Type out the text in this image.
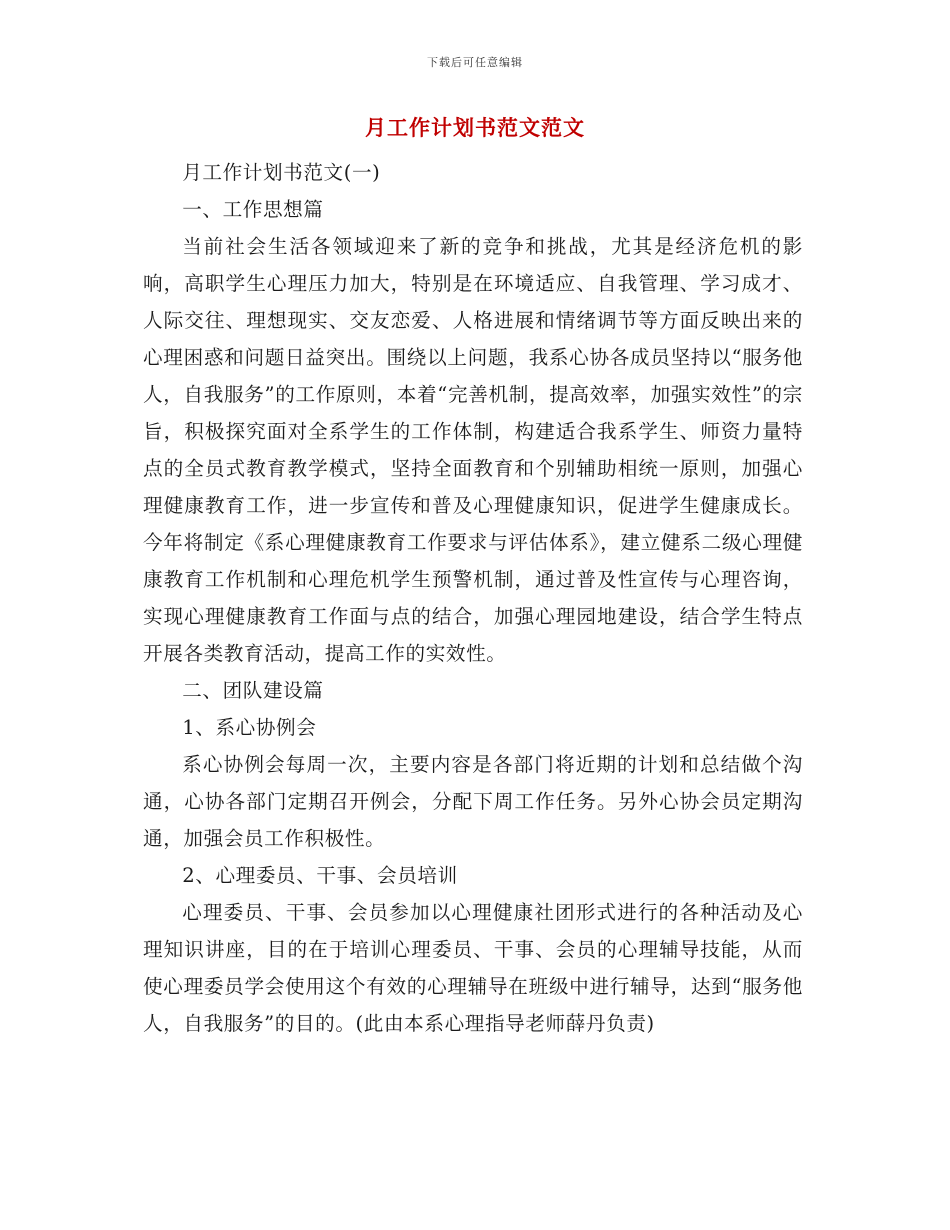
下载后可任意编辑
月工作计划书范文范文

月工作计划书范文(一)

一、工作思想篇

当前社会生活各领域迎来了新的竞争和挑战，尤其是经济危机的影响，高职学生心理压力加大，特别是在环境适应、自我管理、学习成才、人际交往、理想现实、交友恋爱、人格进展和情绪调节等方面反映出来的心理困惑和问题日益突出。围绕以上问题，我系心协各成员坚持以“服务他人，自我服务”的工作原则，本着“完善机制，提高效率，加强实效性”的宗旨，积极探究面对全系学生的工作体制，构建适合我系学生、师资力量特点的全员式教育教学模式，坚持全面教育和个别辅助相统一原则，加强心理健康教育工作，进一步宣传和普及心理健康知识，促进学生健康成长。今年将制定《系心理健康教育工作要求与评估体系》，建立健系二级心理健康教育工作机制和心理危机学生预警机制，通过普及性宣传与心理咨询，实现心理健康教育工作面与点的结合，加强心理园地建设，结合学生特点开展各类教育活动，提高工作的实效性。

二、团队建设篇

1、系心协例会

系心协例会每周一次，主要内容是各部门将近期的计划和总结做个沟通，心协各部门定期召开例会，分配下周工作任务。另外心协会员定期沟通，加强会员工作积极性。

2、心理委员、干事、会员培训

心理委员、干事、会员参加以心理健康社团形式进行的各种活动及心理知识讲座，目的在于培训心理委员、干事、会员的心理辅导技能，从而使心理委员学会使用这个有效的心理辅导在班级中进行辅导，达到“服务他人，自我服务”的目的。(此由本系心理指导老师薛丹负责)
